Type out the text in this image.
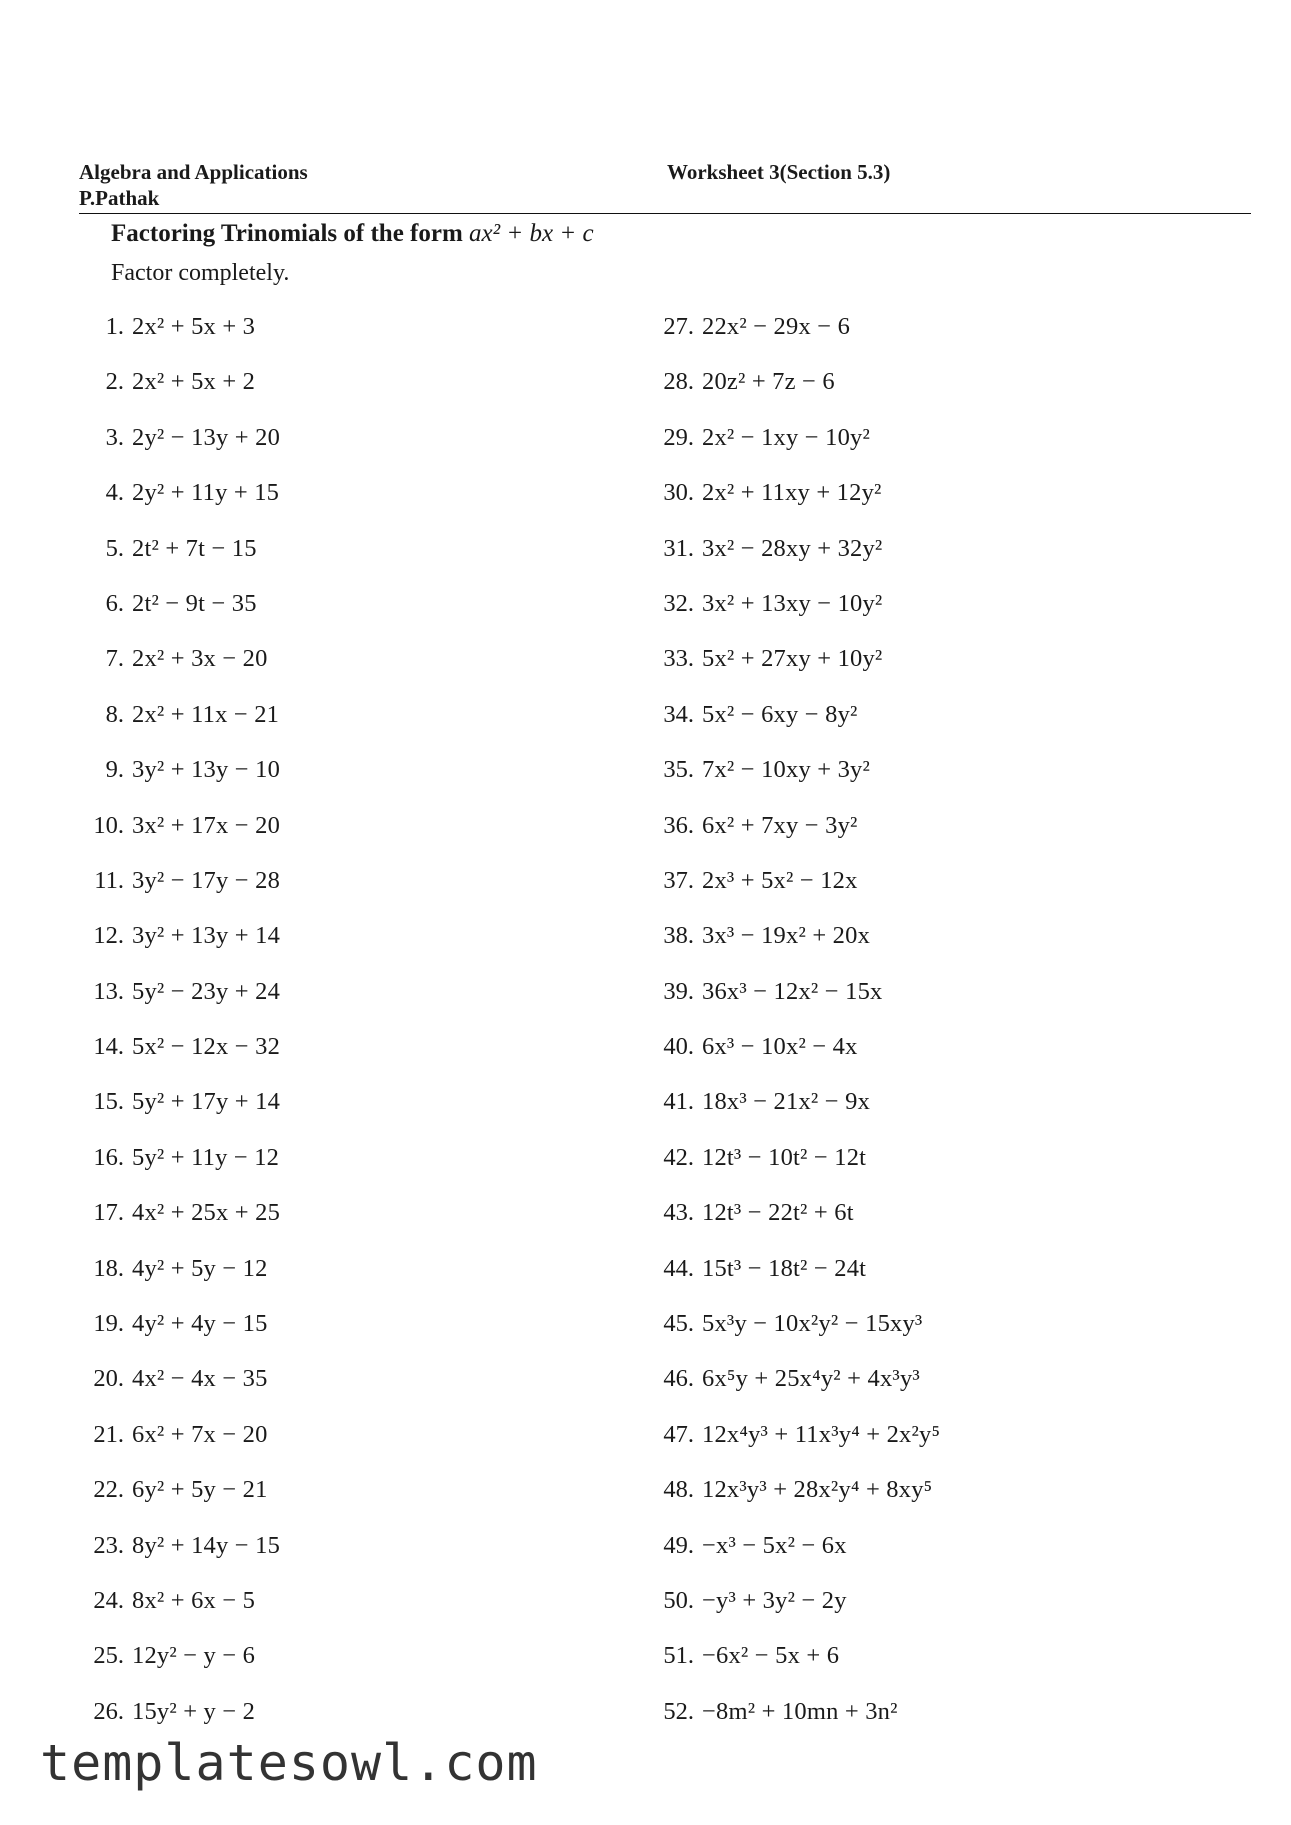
Algebra and Applications
P.Pathak
Worksheet 3(Section 5.3)
Factoring Trinomials of the form ax² + bx + c
Factor completely.
1. 2x² + 5x + 3
2. 2x² + 5x + 2
3. 2y² − 13y + 20
4. 2y² + 11y + 15
5. 2t² + 7t − 15
6. 2t² − 9t − 35
7. 2x² + 3x − 20
8. 2x² + 11x − 21
9. 3y² + 13y − 10
10. 3x² + 17x − 20
11. 3y² − 17y − 28
12. 3y² + 13y + 14
13. 5y² − 23y + 24
14. 5x² − 12x − 32
15. 5y² + 17y + 14
16. 5y² + 11y − 12
17. 4x² + 25x + 25
18. 4y² + 5y − 12
19. 4y² + 4y − 15
20. 4x² − 4x − 35
21. 6x² + 7x − 20
22. 6y² + 5y − 21
23. 8y² + 14y − 15
24. 8x² + 6x − 5
25. 12y² − y − 6
26. 15y² + y − 2
27. 22x² − 29x − 6
28. 20z² + 7z − 6
29. 2x² − 1xy − 10y²
30. 2x² + 11xy + 12y²
31. 3x² − 28xy + 32y²
32. 3x² + 13xy − 10y²
33. 5x² + 27xy + 10y²
34. 5x² − 6xy − 8y²
35. 7x² − 10xy + 3y²
36. 6x² + 7xy − 3y²
37. 2x³ + 5x² − 12x
38. 3x³ − 19x² + 20x
39. 36x³ − 12x² − 15x
40. 6x³ − 10x² − 4x
41. 18x³ − 21x² − 9x
42. 12t³ − 10t² − 12t
43. 12t³ − 22t² + 6t
44. 15t³ − 18t² − 24t
45. 5x³y − 10x²y² − 15xy³
46. 6x⁵y + 25x⁴y² + 4x³y³
47. 12x⁴y³ + 11x³y⁴ + 2x²y⁵
48. 12x³y³ + 28x²y⁴ + 8xy⁵
49. −x³ − 5x² − 6x
50. −y³ + 3y² − 2y
51. −6x² − 5x + 6
52. −8m² + 10mn + 3n²
templatesowl.com
